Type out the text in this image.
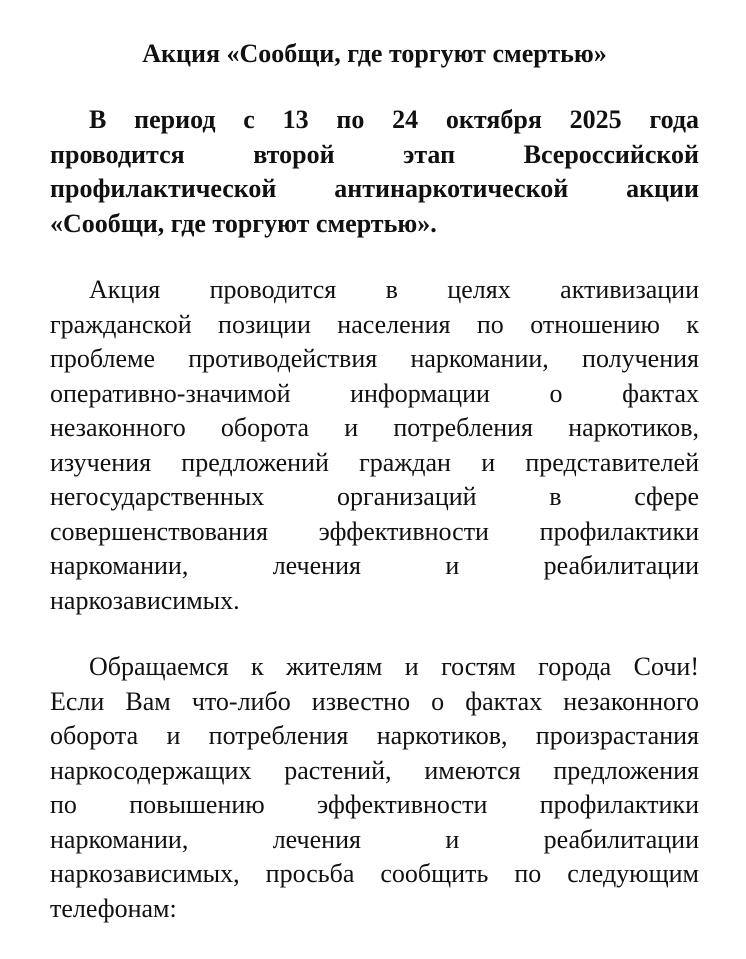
Акция «Сообщи, где торгуют смертью»

В период с 13 по 24 октября 2025 года
проводится второй этап Всероссийской
профилактической антинаркотической акции
«Сообщи, где торгуют смертью».

Акция проводится в целях активизации
гражданской позиции населения по отношению к
проблеме противодействия наркомании, получения
оперативно-значимой информации о фактах
незаконного оборота и потребления наркотиков,
изучения предложений граждан и представителей
негосударственных организаций в сфере
совершенствования эффективности профилактики
наркомании, лечения и реабилитации
наркозависимых.

Обращаемся к жителям и гостям города Сочи!
Если Вам что-либо известно о фактах незаконного
оборота и потребления наркотиков, произрастания
наркосодержащих растений, имеются предложения
по повышению эффективности профилактики
наркомании, лечения и реабилитации
наркозависимых, просьба сообщить по следующим
телефонам:
